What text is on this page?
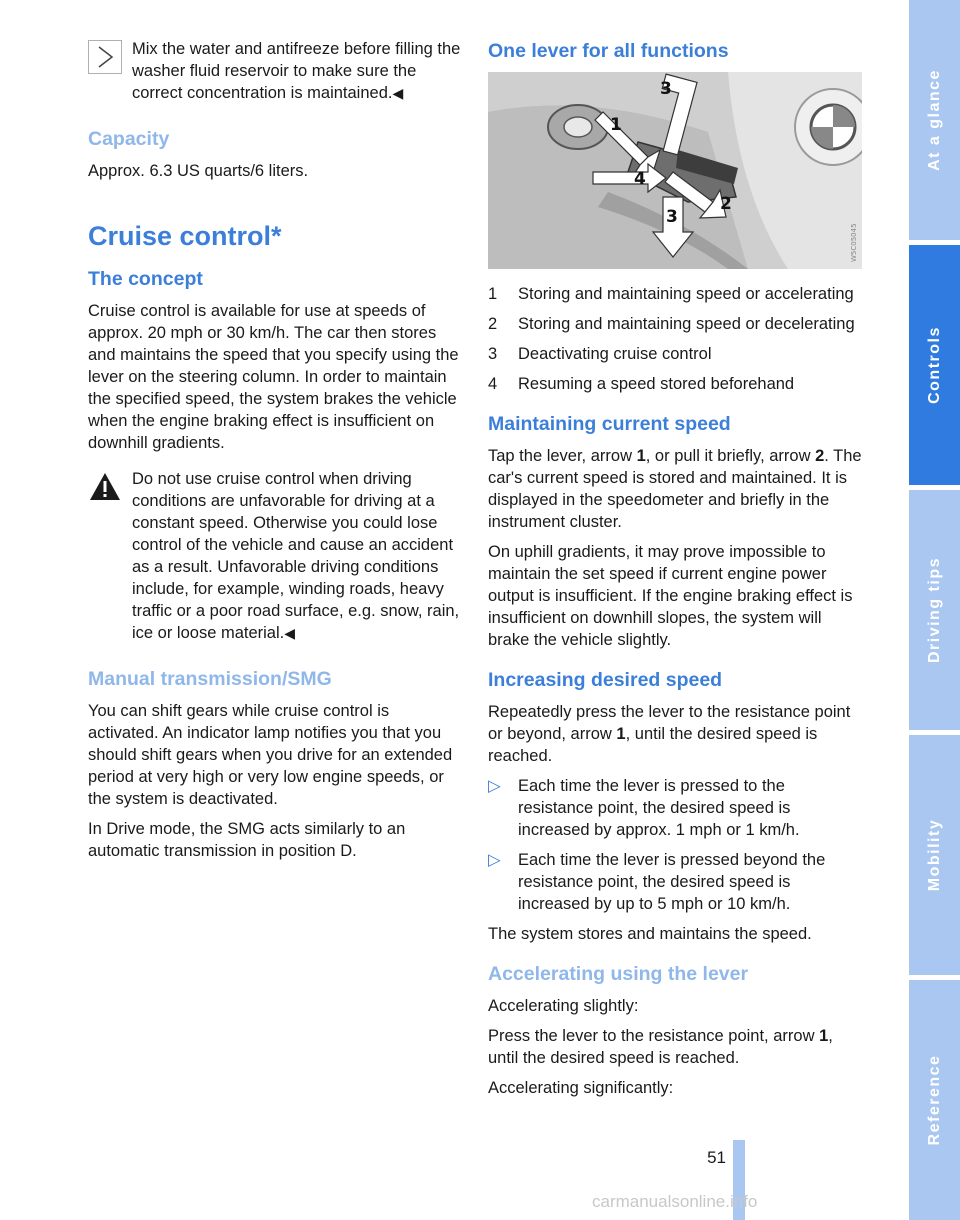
Mix the water and antifreeze before filling the washer fluid reservoir to make sure the correct concentration is maintained.◀

Capacity

Approx. 6.3 US quarts/6 liters.

Cruise control*
The concept

Cruise control is available for use at speeds of approx. 20 mph or 30 km/h. The car then stores and maintains the speed that you specify using the lever on the steering column. In order to maintain the specified speed, the system brakes the vehicle when the engine braking effect is insufficient on downhill gradients.

Do not use cruise control when driving conditions are unfavorable for driving at a constant speed. Otherwise you could lose control of the vehicle and cause an accident as a result. Unfavorable driving conditions include, for example, winding roads, heavy traffic or a poor road surface, e.g. snow, rain, ice or loose material.◀

Manual transmission/SMG

You can shift gears while cruise control is activated. An indicator lamp notifies you that you should shift gears when you drive for an extended period at very high or very low engine speeds, or the system is deactivated.

In Drive mode, the SMG acts similarly to an automatic transmission in position D.

One lever for all functions
1
2
3
4
3
W5C05045
1	Storing and maintaining speed or accelerating
2	Storing and maintaining speed or decelerating
3	Deactivating cruise control
4	Resuming a speed stored beforehand
Maintaining current speed

Tap the lever, arrow 1, or pull it briefly, arrow 2. The car's current speed is stored and maintained. It is displayed in the speedometer and briefly in the instrument cluster.

On uphill gradients, it may prove impossible to maintain the set speed if current engine power output is insufficient. If the engine braking effect is insufficient on downhill slopes, the system will brake the vehicle slightly.

Increasing desired speed

Repeatedly press the lever to the resistance point or beyond, arrow 1, until the desired speed is reached.

▷	Each time the lever is pressed to the resistance point, the desired speed is increased by approx. 1 mph or 1 km/h.
▷	Each time the lever is pressed beyond the resistance point, the desired speed is increased by up to 5 mph or 10 km/h.

The system stores and maintains the speed.

Accelerating using the lever

Accelerating slightly:

Press the lever to the resistance point, arrow 1, until the desired speed is reached.

Accelerating significantly:

At a glance
Controls
Driving tips
Mobility
Reference
51
carmanualsonline.info
